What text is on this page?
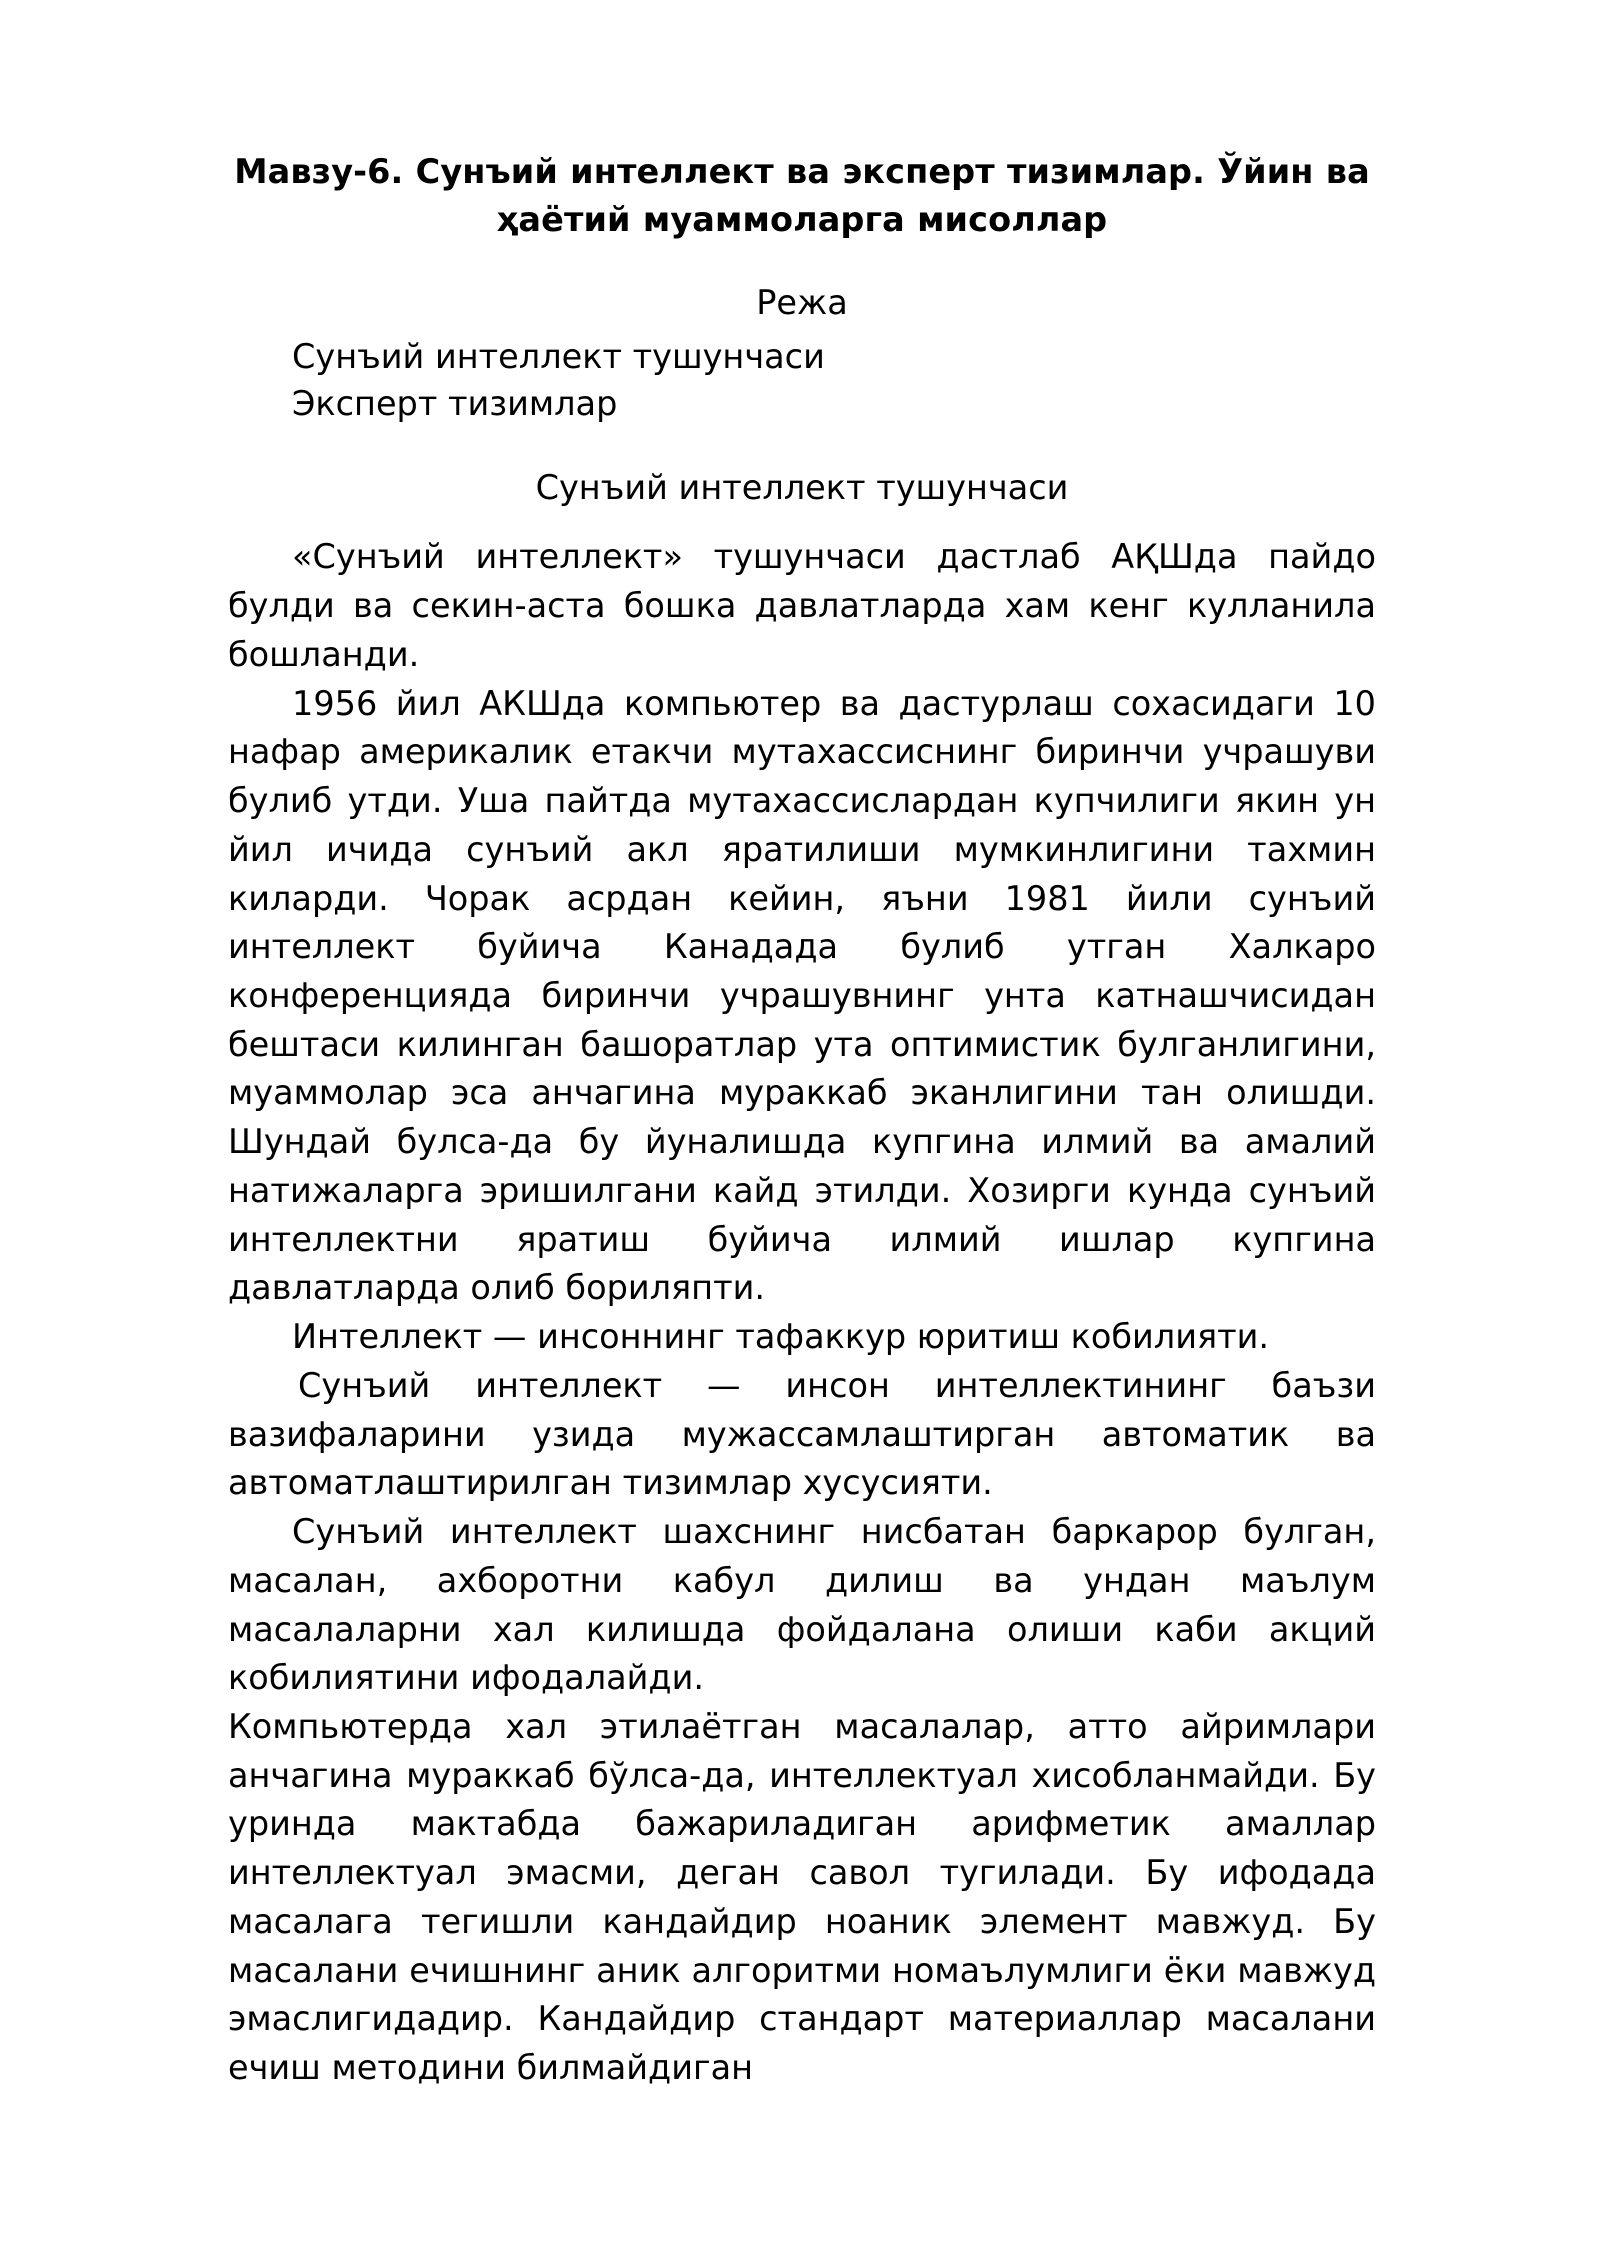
Мавзу-6. Сунъий интеллект ва эксперт тизимлар. Ўйин ва ҳаётий муаммоларга мисоллар
Режа
Сунъий интеллект тушунчаси
Эксперт тизимлар
Сунъий интеллект тушунчаси

«Сунъий интеллект» тушунчаси дастлаб АҚШда пайдо булди ва секин-аста бошка давлатларда хам кенг кулланила бошланди.

1956 йил АКШда компьютер ва дастурлаш сохасидаги 10 нафар америкалик етакчи мутахассиснинг биринчи учрашуви булиб утди. Уша пайтда мутахассислардан купчилиги якин ун йил ичида сунъий акл яратилиши мумкинлигини тахмин киларди. Чорак асрдан кейин, яъни 1981 йили сунъий интеллект буйича Канадада булиб утган Халкаро конференцияда биринчи учрашувнинг унта катнашчисидан бештаси килинган башоратлар ута оптимистик булганлигини, муаммолар эса анчагина мураккаб эканлигини тан олишди. Шундай булса-да бу йуналишда купгина илмий ва амалий натижаларга эришилгани кайд этилди. Хозирги кунда сунъий интеллектни яратиш буйича илмий ишлар купгина давлатларда олиб бориляпти.

Интеллект — инсоннинг тафаккур юритиш кобилияти.

Сунъий интеллект — инсон интеллектининг баъзи вазифаларини узида мужассамлаштирган автоматик ва автоматлаштирилган тизимлар хусусияти.

Сунъий интеллект шахснинг нисбатан баркарор булган, масалан, ахборотни кабул дилиш ва ундан маълум масалаларни хал килишда фойдалана олиши каби акций кобилиятини ифодалайди.

Компьютерда хал этилаётган масалалар, атто айримлари анчагина мураккаб бўлса-да, интеллектуал хисобланмайди. Бу уринда мактабда бажариладиган арифметик амаллар интеллектуал эмасми, деган савол тугилади. Бу ифодада масалага тегишли кандайдир ноаник элемент мавжуд. Бу масалани ечишнинг аник алгоритми номаълумлиги ёки мавжуд эмаслигидадир. Кандайдир стандарт материаллар масалани ечиш методини билмайдиган
